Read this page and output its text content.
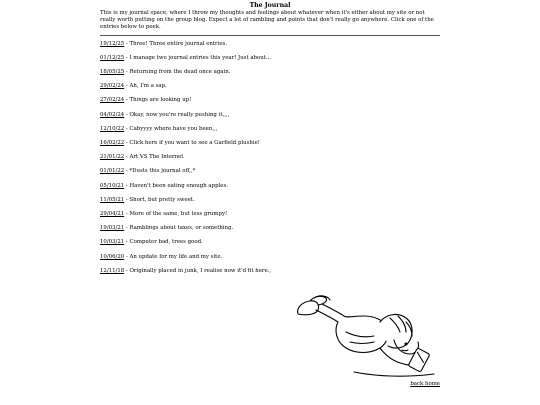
The Journal

This is my journal space, where I throw my thoughts and feelings about whatever when it's either about my site or not really worth putting on the group blog. Expect a lot of rambling and points that don't really go anywhere. Click one of the entries below to peek.

19/12/25 - Three! Three entire journal entries.
01/12/25 - I manage two journal entries this year! Just about...
18/05/25 - Returning from the dead once again.
29/02/24 - Ah, I'm a sap.
27/02/24 - Things are looking up!
04/02/24 - Okay, now you're really pushing it,,,,
12/10/22 - Cabyyyy where have you been,,,
16/02/22 - Click here if you want to see a Garfield plushie!
21/01/22 - Art VS The Internet
01/01/22 - *Dusts this journal off,,*
05/10/21 - Haven't been eating enough apples.
11/05/21 - Short, but pretty sweet.
29/04/21 - More of the same, but less grumpy!
19/03/21 - Ramblings about taxes, or something.
10/03/21 - Computer bad, trees good.
10/06/20 - An update for my life and my site.
12/11/18 - Originally placed in junk, I realise now it'd fit here.,
back home
